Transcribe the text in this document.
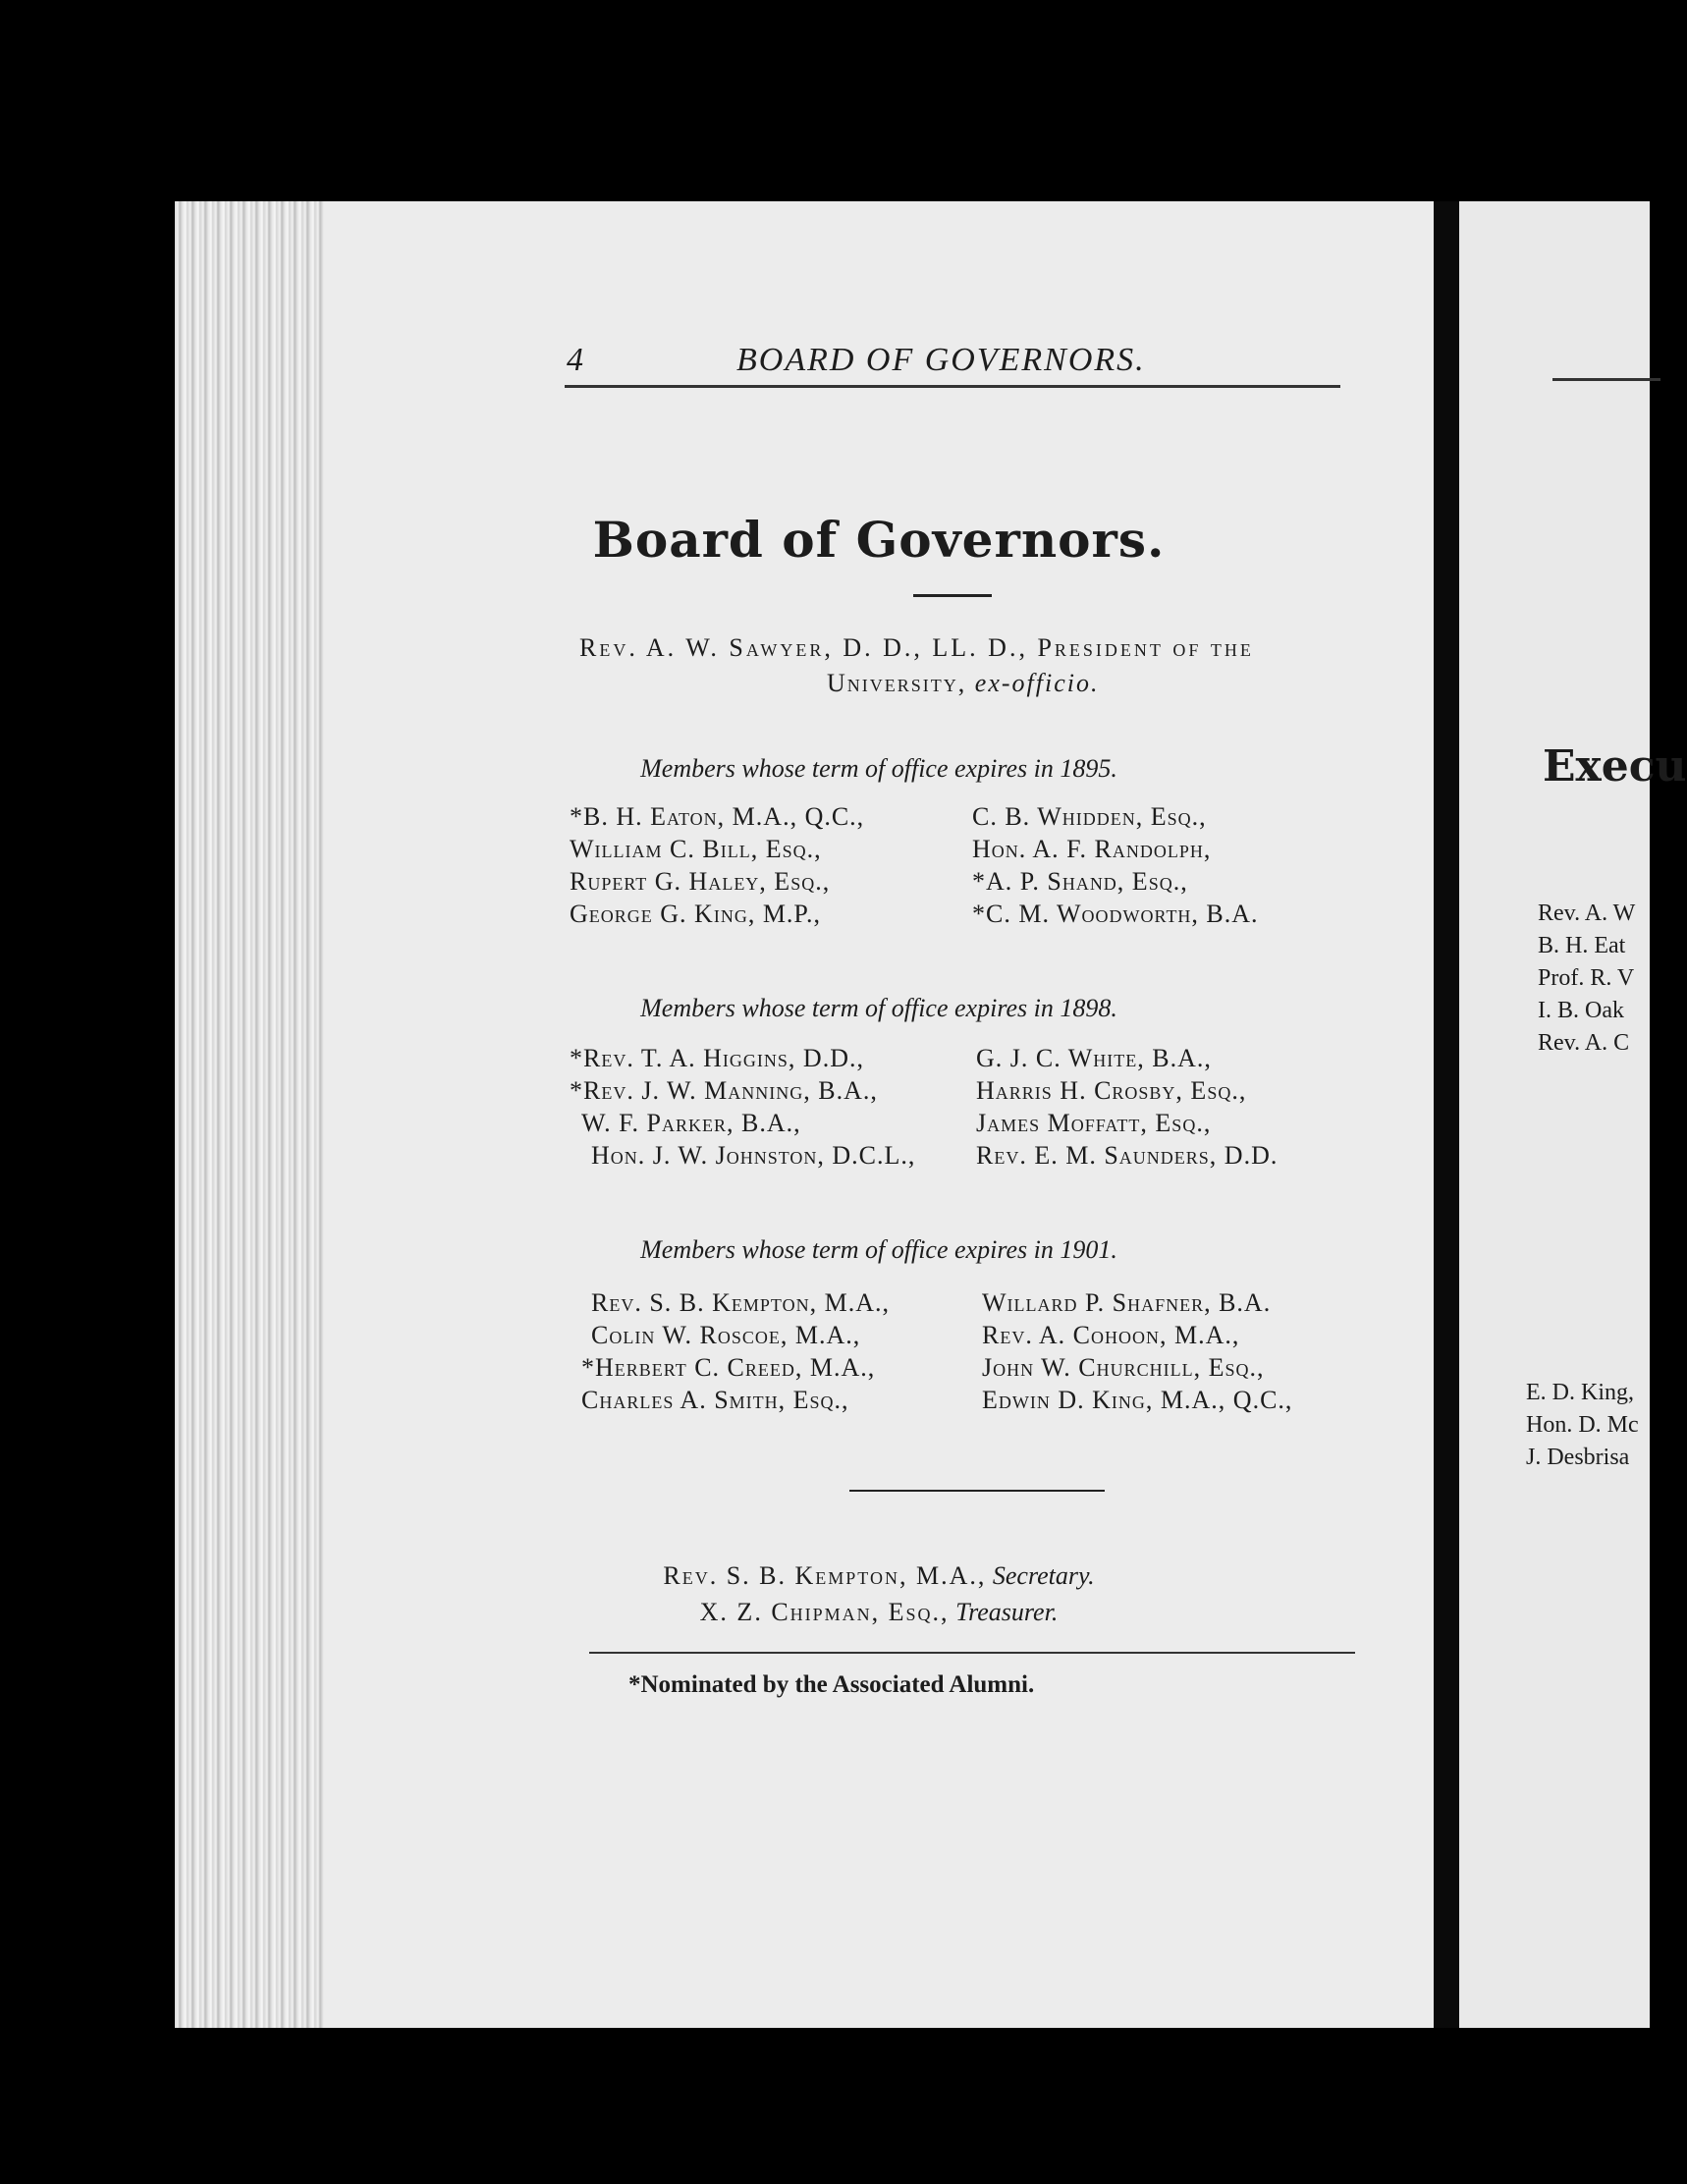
4	BOARD OF GOVERNORS.
Board of Governors.
Rev. A. W. Sawyer, D. D., LL. D., President of the
University, ex-officio.
Members whose term of office expires in 1895.
*B. H. Eaton, M.A., Q.C.,
William C. Bill, Esq.,
Rupert G. Haley, Esq.,
George G. King, M.P.,
C. B. Whidden, Esq.,
Hon. A. F. Randolph,
*A. P. Shand, Esq.,
*C. M. Woodworth, B.A.
Members whose term of office expires in 1898.
*Rev. T. A. Higgins, D.D.,
*Rev. J. W. Manning, B.A.,
W. F. Parker, B.A.,
Hon. J. W. Johnston, D.C.L.,
G. J. C. White, B.A.,
Harris H. Crosby, Esq.,
James Moffatt, Esq.,
Rev. E. M. Saunders, D.D.
Members whose term of office expires in 1901.
Rev. S. B. Kempton, M.A.,
Colin W. Roscoe, M.A.,
*Herbert C. Creed, M.A.,
Charles A. Smith, Esq.,
Willard P. Shafner, B.A.
Rev. A. Cohoon, M.A.,
John W. Churchill, Esq.,
Edwin D. King, M.A., Q.C.,
Rev. S. B. Kempton, M.A., Secretary.
X. Z. Chipman, Esq., Treasurer.
*Nominated by the Associated Alumni.
Execu
Rev. A. W
B. H. Eat
Prof. R. V
I. B. Oak
Rev. A. C
E. D. King,
Hon. D. Mc
J. Desbrisa
